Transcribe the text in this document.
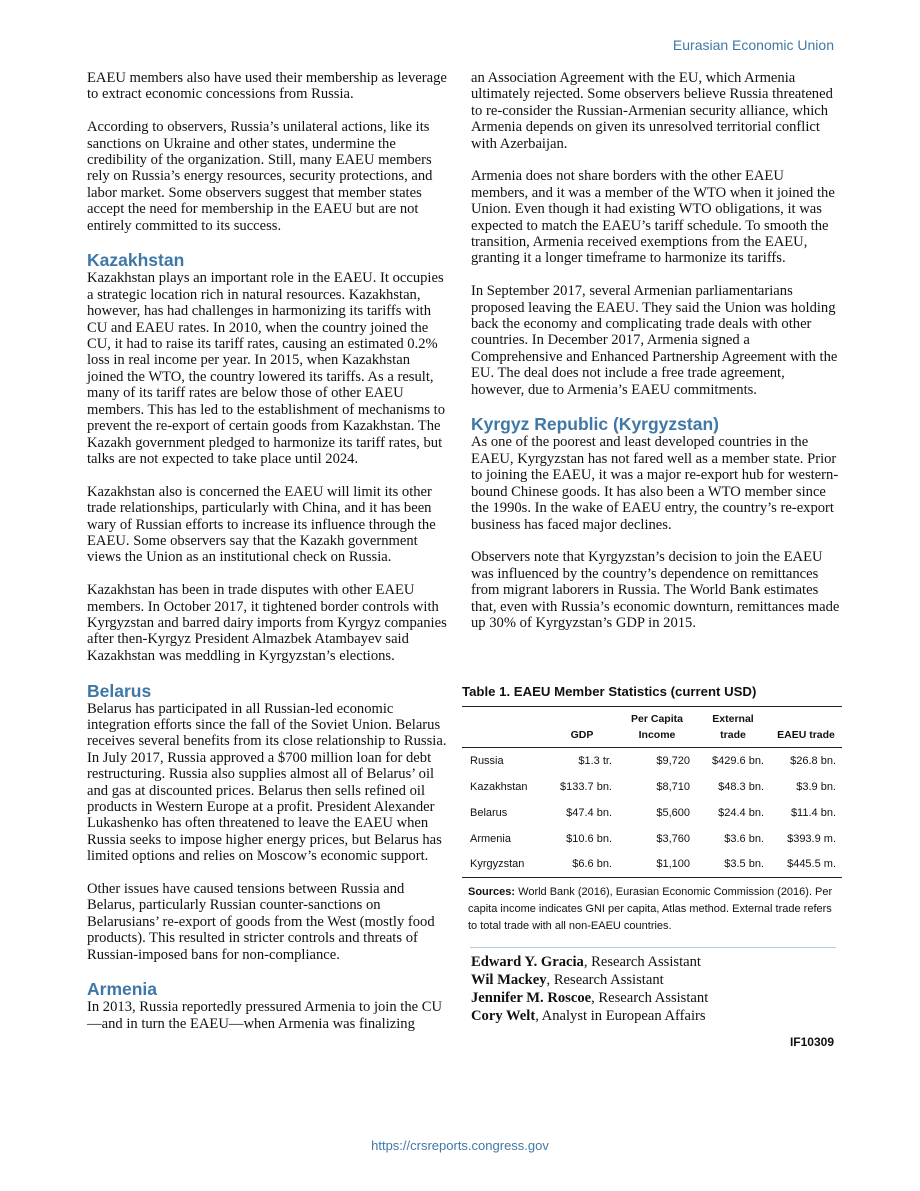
Eurasian Economic Union

EAEU members also have used their membership as leverage to extract economic concessions from Russia.

According to observers, Russia’s unilateral actions, like its sanctions on Ukraine and other states, undermine the credibility of the organization. Still, many EAEU members rely on Russia’s energy resources, security protections, and labor market. Some observers suggest that member states accept the need for membership in the EAEU but are not entirely committed to its success.

Kazakhstan

Kazakhstan plays an important role in the EAEU. It occupies a strategic location rich in natural resources. Kazakhstan, however, has had challenges in harmonizing its tariffs with CU and EAEU rates. In 2010, when the country joined the CU, it had to raise its tariff rates, causing an estimated 0.2% loss in real income per year. In 2015, when Kazakhstan joined the WTO, the country lowered its tariffs. As a result, many of its tariff rates are below those of other EAEU members. This has led to the establishment of mechanisms to prevent the re-export of certain goods from Kazakhstan. The Kazakh government pledged to harmonize its tariff rates, but talks are not expected to take place until 2024.

Kazakhstan also is concerned the EAEU will limit its other trade relationships, particularly with China, and it has been wary of Russian efforts to increase its influence through the EAEU. Some observers say that the Kazakh government views the Union as an institutional check on Russia.

Kazakhstan has been in trade disputes with other EAEU members. In October 2017, it tightened border controls with Kyrgyzstan and barred dairy imports from Kyrgyz companies after then-Kyrgyz President Almazbek Atambayev said Kazakhstan was meddling in Kyrgyzstan’s elections.

Belarus

Belarus has participated in all Russian-led economic integration efforts since the fall of the Soviet Union. Belarus receives several benefits from its close relationship to Russia. In July 2017, Russia approved a $700 million loan for debt restructuring. Russia also supplies almost all of Belarus’ oil and gas at discounted prices. Belarus then sells refined oil products in Western Europe at a profit. President Alexander Lukashenko has often threatened to leave the EAEU when Russia seeks to impose higher energy prices, but Belarus has limited options and relies on Moscow’s economic support.

Other issues have caused tensions between Russia and Belarus, particularly Russian counter-sanctions on Belarusians’ re-export of goods from the West (mostly food products). This resulted in stricter controls and threats of Russian-imposed bans for non-compliance.

Armenia

In 2013, Russia reportedly pressured Armenia to join the CU—and in turn the EAEU—when Armenia was finalizing

an Association Agreement with the EU, which Armenia ultimately rejected. Some observers believe Russia threatened to re-consider the Russian-Armenian security alliance, which Armenia depends on given its unresolved territorial conflict with Azerbaijan.

Armenia does not share borders with the other EAEU members, and it was a member of the WTO when it joined the Union. Even though it had existing WTO obligations, it was expected to match the EAEU’s tariff schedule. To smooth the transition, Armenia received exemptions from the EAEU, granting it a longer timeframe to harmonize its tariffs.

In September 2017, several Armenian parliamentarians proposed leaving the EAEU. They said the Union was holding back the economy and complicating trade deals with other countries. In December 2017, Armenia signed a Comprehensive and Enhanced Partnership Agreement with the EU. The deal does not include a free trade agreement, however, due to Armenia’s EAEU commitments.

Kyrgyz Republic (Kyrgyzstan)

As one of the poorest and least developed countries in the EAEU, Kyrgyzstan has not fared well as a member state. Prior to joining the EAEU, it was a major re-export hub for western-bound Chinese goods. It has also been a WTO member since the 1990s. In the wake of EAEU entry, the country’s re-export business has faced major declines.

Observers note that Kyrgyzstan’s decision to join the EAEU was influenced by the country’s dependence on remittances from migrant laborers in Russia. The World Bank estimates that, even with Russia’s economic downturn, remittances made up 30% of Kyrgyzstan’s GDP in 2015.

Table 1. EAEU Member Statistics (current USD)
	GDP	Per Capita Income	External trade	EAEU trade
Russia	$1.3 tr.	$9,720	$429.6 bn.	$26.8 bn.
Kazakhstan	$133.7 bn.	$8,710	$48.3 bn.	$3.9 bn.
Belarus	$47.4 bn.	$5,600	$24.4 bn.	$11.4 bn.
Armenia	$10.6 bn.	$3,760	$3.6 bn.	$393.9 m.
Kyrgyzstan	$6.6 bn.	$1,100	$3.5 bn.	$445.5 m.
Sources: World Bank (2016), Eurasian Economic Commission (2016). Per capita income indicates GNI per capita, Atlas method. External trade refers to total trade with all non-EAEU countries.
Edward Y. Gracia, Research Assistant
Wil Mackey, Research Assistant
Jennifer M. Roscoe, Research Assistant
Cory Welt, Analyst in European Affairs
IF10309
https://crsreports.congress.gov
